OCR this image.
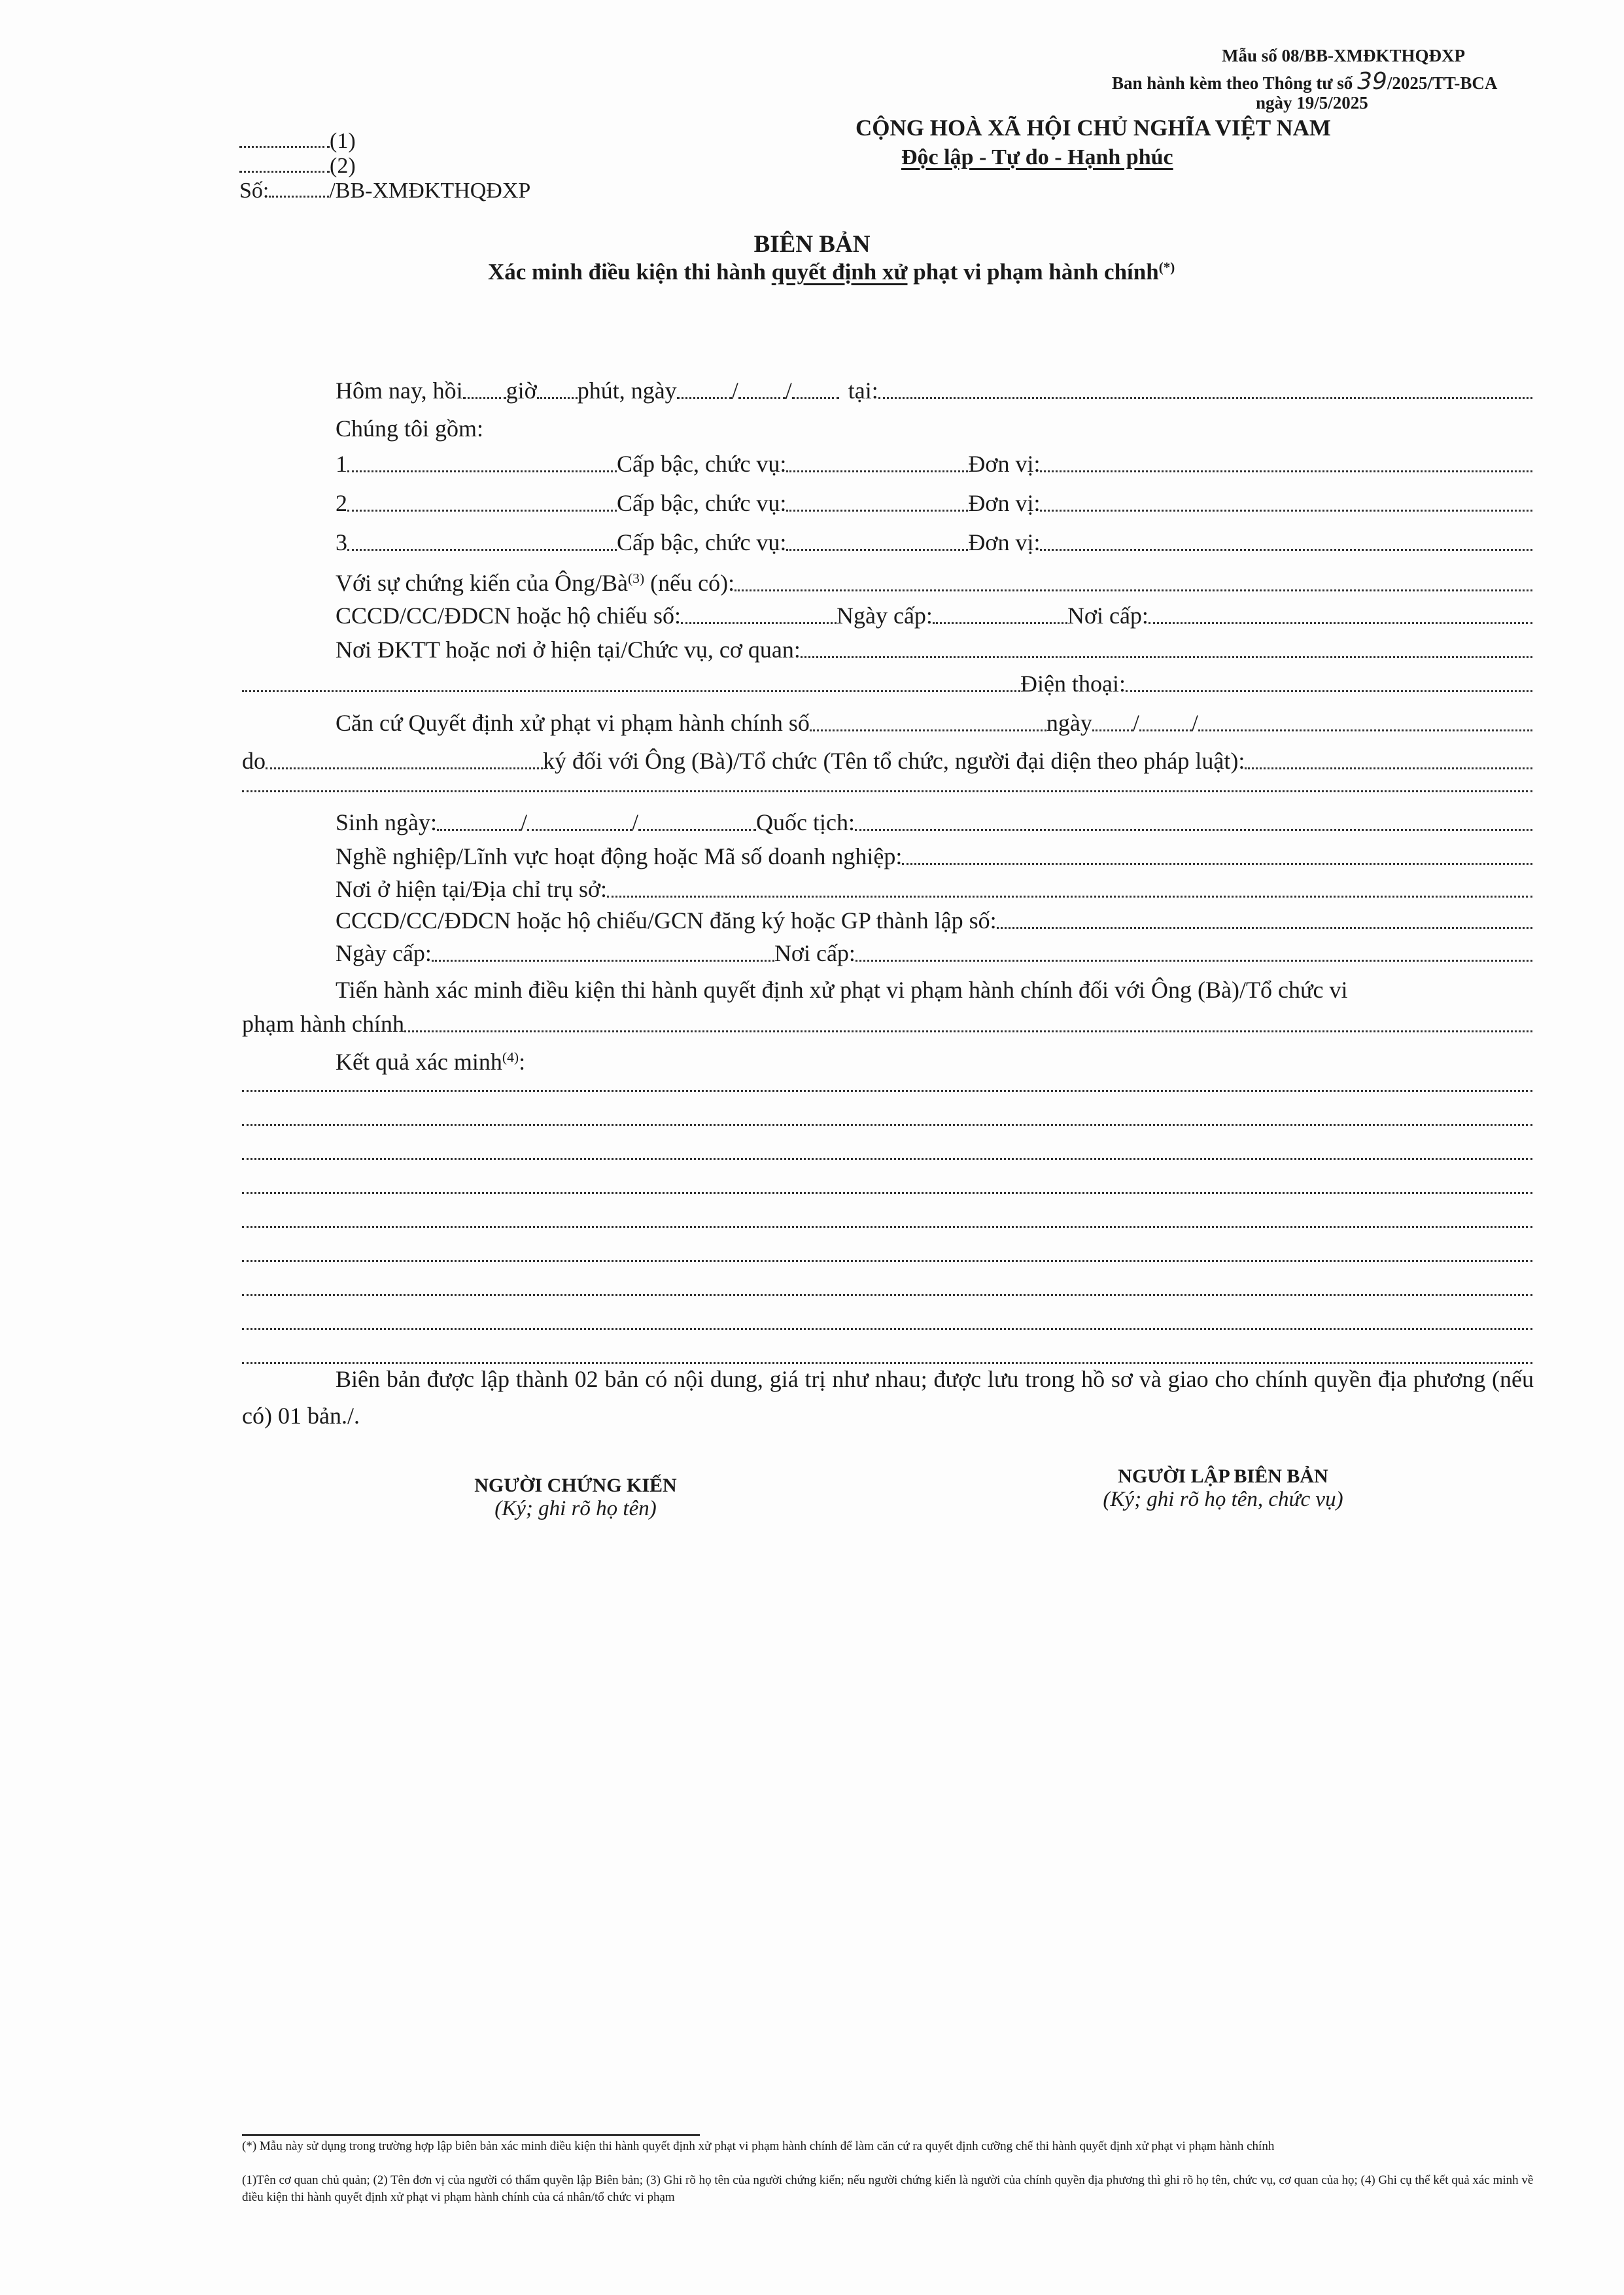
Mẫu số 08/BB-XMĐKTHQĐXP
Ban hành kèm theo Thông tư số 39/2025/TT-BCA
ngày 19/5/2025
(1)
(2)
Số:	/BB-XMĐKTHQĐXP
CỘNG HOÀ XÃ HỘI CHỦ NGHĨA VIỆT NAM
Độc lập - Tự do - Hạnh phúc
BIÊN BẢN
Xác minh điều kiện thi hành quyết định xử phạt vi phạm hành chính(*)
Hôm nay, hồi giờ phút, ngày / / tại:
Chúng tôi gồm:
1	Cấp bậc, chức vụ:	Đơn vị:
2	Cấp bậc, chức vụ:	Đơn vị:
3	Cấp bậc, chức vụ:	Đơn vị:
Với sự chứng kiến của Ông/$Bà^{(3)}$ (nếu có):
CCCD/CC/ĐDCN hoặc hộ chiếu số:	Ngày cấp:	Nơi cấp:
Nơi ĐKTT hoặc nơi ở hiện tại/Chức vụ, cơ quan:
Điện thoại:
Căn cứ Quyết định xử phạt vi phạm hành chính số	ngày / /
do	ký đối với Ông (Bà)/Tổ chức (Tên tổ chức, người đại diện theo pháp luật):
Sinh ngày:	/	/	Quốc tịch:
Nghề nghiệp/Lĩnh vực hoạt động hoặc Mã số doanh nghiệp:
Nơi ở hiện tại/Địa chỉ trụ sở:
CCCD/CC/ĐDCN hoặc hộ chiếu/GCN đăng ký hoặc GP thành lập số:
Ngày cấp:	Nơi cấp:
Tiến hành xác minh điều kiện thi hành quyết định xử phạt vi phạm hành chính đối với Ông (Bà)/Tổ chức vi
phạm hành chính
Kết quả xác minh$^{(4)}$:
Biên bản được lập thành 02 bản có nội dung, giá trị như nhau; được lưu trong hồ sơ và giao cho chính quyền địa phương (nếu có) 01 bản./.
NGƯỜI CHỨNG KIẾN
(Ký; ghi rõ họ tên)
NGƯỜI LẬP BIÊN BẢN
(Ký; ghi rõ họ tên, chức vụ)
(*) Mẫu này sử dụng trong trường hợp lập biên bản xác minh điều kiện thi hành quyết định xử phạt vi phạm hành chính để làm căn cứ ra quyết định cưỡng chế thi hành quyết định xử phạt vi phạm hành chính
(1)Tên cơ quan chủ quản; (2) Tên đơn vị của người có thẩm quyền lập Biên bản; (3) Ghi rõ họ tên của người chứng kiến; nếu người chứng kiến là người của chính quyền địa phương thì ghi rõ họ tên, chức vụ, cơ quan của họ; (4) Ghi cụ thể kết quả xác minh về điều kiện thi hành quyết định xử phạt vi phạm hành chính của cá nhân/tổ chức vi phạm
